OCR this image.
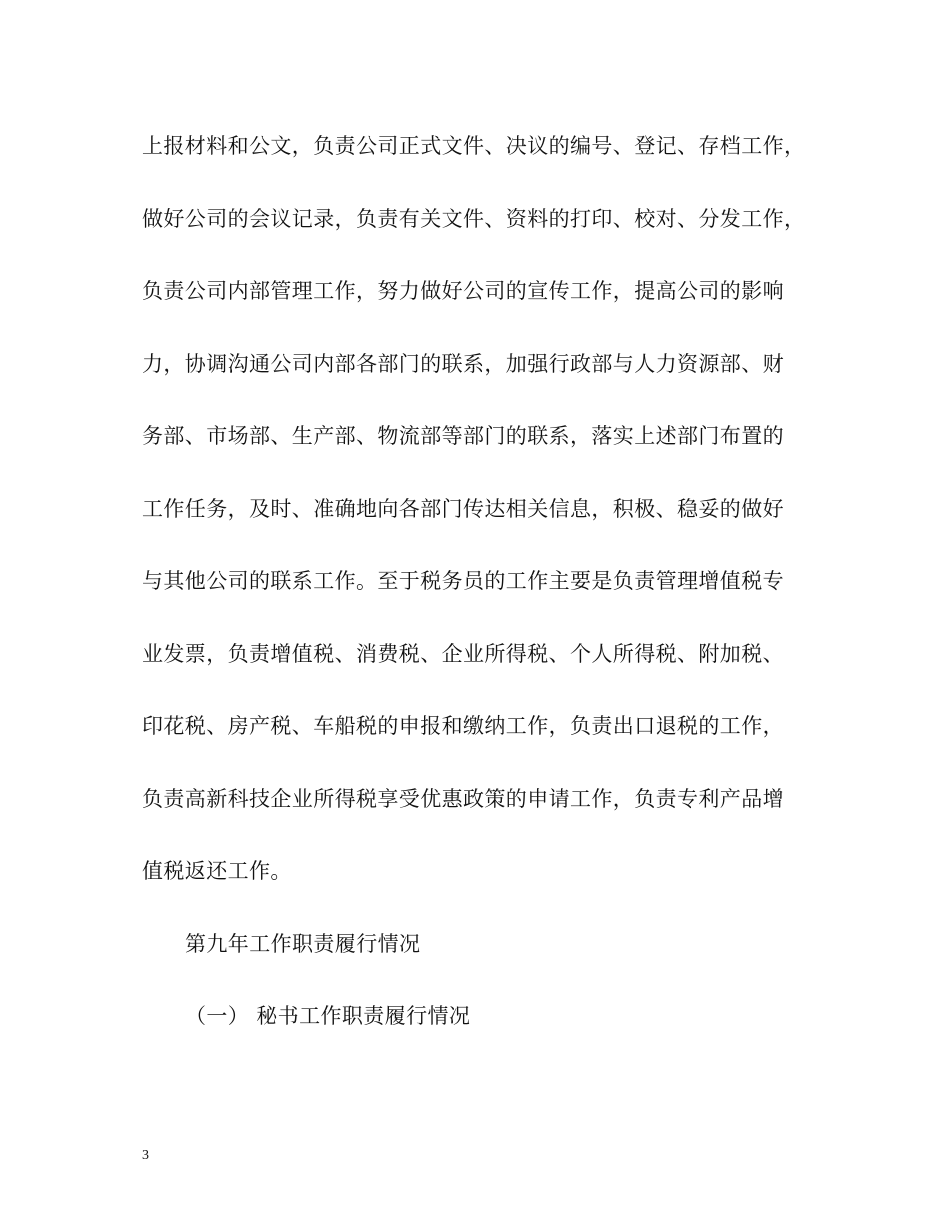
上报材料和公文，负责公司正式文件、决议的编号、登记、存档工作，
做好公司的会议记录，负责有关文件、资料的打印、校对、分发工作，
负责公司内部管理工作，努力做好公司的宣传工作，提高公司的影响
力，协调沟通公司内部各部门的联系，加强行政部与人力资源部、财
务部、市场部、生产部、物流部等部门的联系，落实上述部门布置的
工作任务，及时、准确地向各部门传达相关信息，积极、稳妥的做好
与其他公司的联系工作。至于税务员的工作主要是负责管理增值税专
业发票，负责增值税、消费税、企业所得税、个人所得税、附加税、
印花税、房产税、车船税的申报和缴纳工作，负责出口退税的工作，
负责高新科技企业所得税享受优惠政策的申请工作，负责专利产品增
值税返还工作。
第九年工作职责履行情况
（一） 秘书工作职责履行情况
3
